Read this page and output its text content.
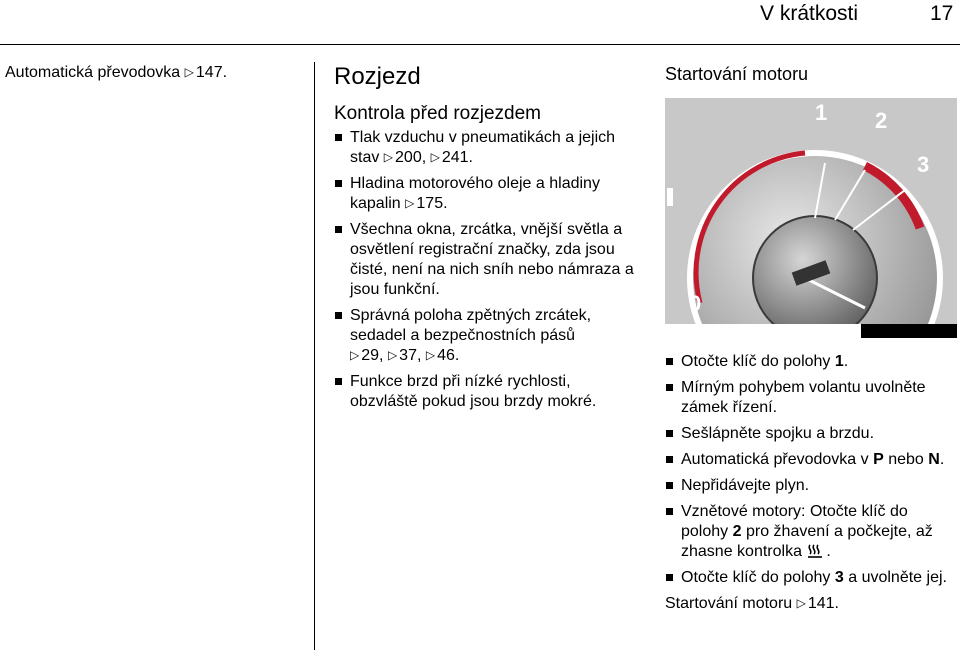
V krátkosti	17
Automatická převodovka ▷ 147.	Rozjezd
Kontrola před rozjezdem
Tlak vzduchu v pneumatikách a jejich stav ▷ 200, ▷ 241.
Hladina motorového oleje a hladiny kapalin ▷ 175.
Všechna okna, zrcátka, vnější světla a osvětlení registrační značky, zda jsou čisté, není na nich sníh nebo námraza a jsou funkční.
Správná poloha zpětných zrcátek, sedadel a bezpečnostních pásů
▷ 29, ▷ 37, ▷ 46.
Funkce brzd při nízké rychlosti, obzvláště pokud jsou brzdy mokré.
Startování motoru
0
1 2
3
Otočte klíč do polohy 1.
Mírným pohybem volantu uvolněte zámek řízení.
Sešlápněte spojku a brzdu.
Automatická převodovka v P nebo N.
Nepřidávejte plyn.
Vznětové motory: Otočte klíč do polohy 2 pro žhavení a počkejte, až zhasne kontrolka .
Otočte klíč do polohy 3 a uvolněte jej.
Startování motoru ▷ 141.
